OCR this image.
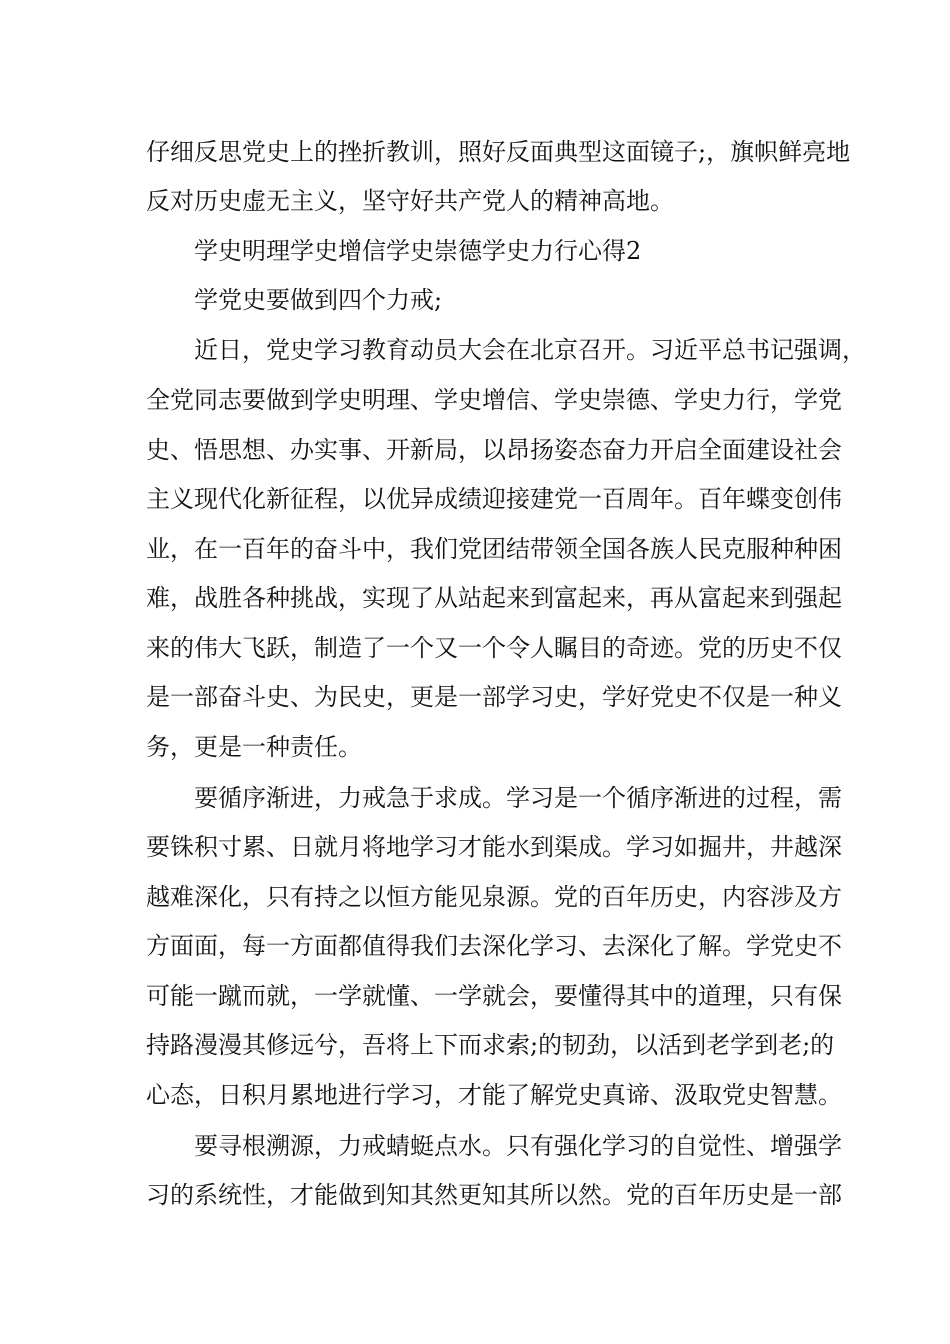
仔细反思党史上的挫折教训，照好反面典型这面镜子;，旗帜鲜亮地
反对历史虚无主义，坚守好共产党人的精神高地。
学史明理学史增信学史崇德学史力行心得2
学党史要做到四个力戒;
近日，党史学习教育动员大会在北京召开。习近平总书记强调，
全党同志要做到学史明理、学史增信、学史崇德、学史力行，学党
史、悟思想、办实事、开新局，以昂扬姿态奋力开启全面建设社会
主义现代化新征程，以优异成绩迎接建党一百周年。百年蝶变创伟
业，在一百年的奋斗中，我们党团结带领全国各族人民克服种种困
难，战胜各种挑战，实现了从站起来到富起来，再从富起来到强起
来的伟大飞跃，制造了一个又一个令人瞩目的奇迹。党的历史不仅
是一部奋斗史、为民史，更是一部学习史，学好党史不仅是一种义
务，更是一种责任。
要循序渐进，力戒急于求成。学习是一个循序渐进的过程，需
要铢积寸累、日就月将地学习才能水到渠成。学习如掘井，井越深
越难深化，只有持之以恒方能见泉源。党的百年历史，内容涉及方
方面面，每一方面都值得我们去深化学习、去深化了解。学党史不
可能一蹴而就，一学就懂、一学就会，要懂得其中的道理，只有保
持路漫漫其修远兮，吾将上下而求索;的韧劲，以活到老学到老;的
心态，日积月累地进行学习，才能了解党史真谛、汲取党史智慧。
要寻根溯源，力戒蜻蜓点水。只有强化学习的自觉性、增强学
习的系统性，才能做到知其然更知其所以然。党的百年历史是一部
